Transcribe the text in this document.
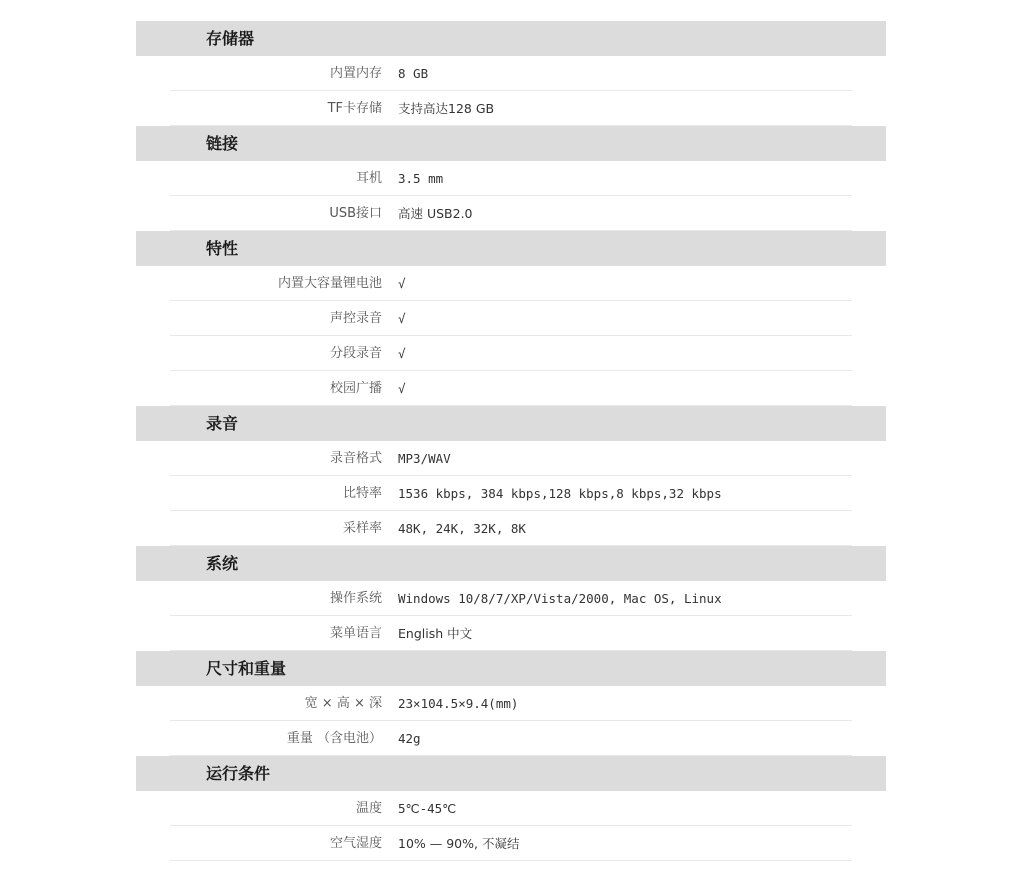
存储器
内置内存 8 GB
TF卡存储 支持高达128 GB
链接
耳机 3.5 mm
USB接口 高速 USB2.0
特性
内置大容量锂电池 √
声控录音 √
分段录音 √
校园广播 √
录音
录音格式 MP3/WAV
比特率 1536 kbps, 384 kbps,128 kbps,8 kbps,32 kbps
采样率 48K, 24K, 32K, 8K
系统
操作系统 Windows 10/8/7/XP/Vista/2000, Mac OS, Linux
菜单语言 English 中文
尺寸和重量
宽 × 高 × 深 23×104.5×9.4(mm)
重量 （含电池） 42g
运行条件
温度 5℃-45℃
空气湿度 10% — 90%, 不凝结
